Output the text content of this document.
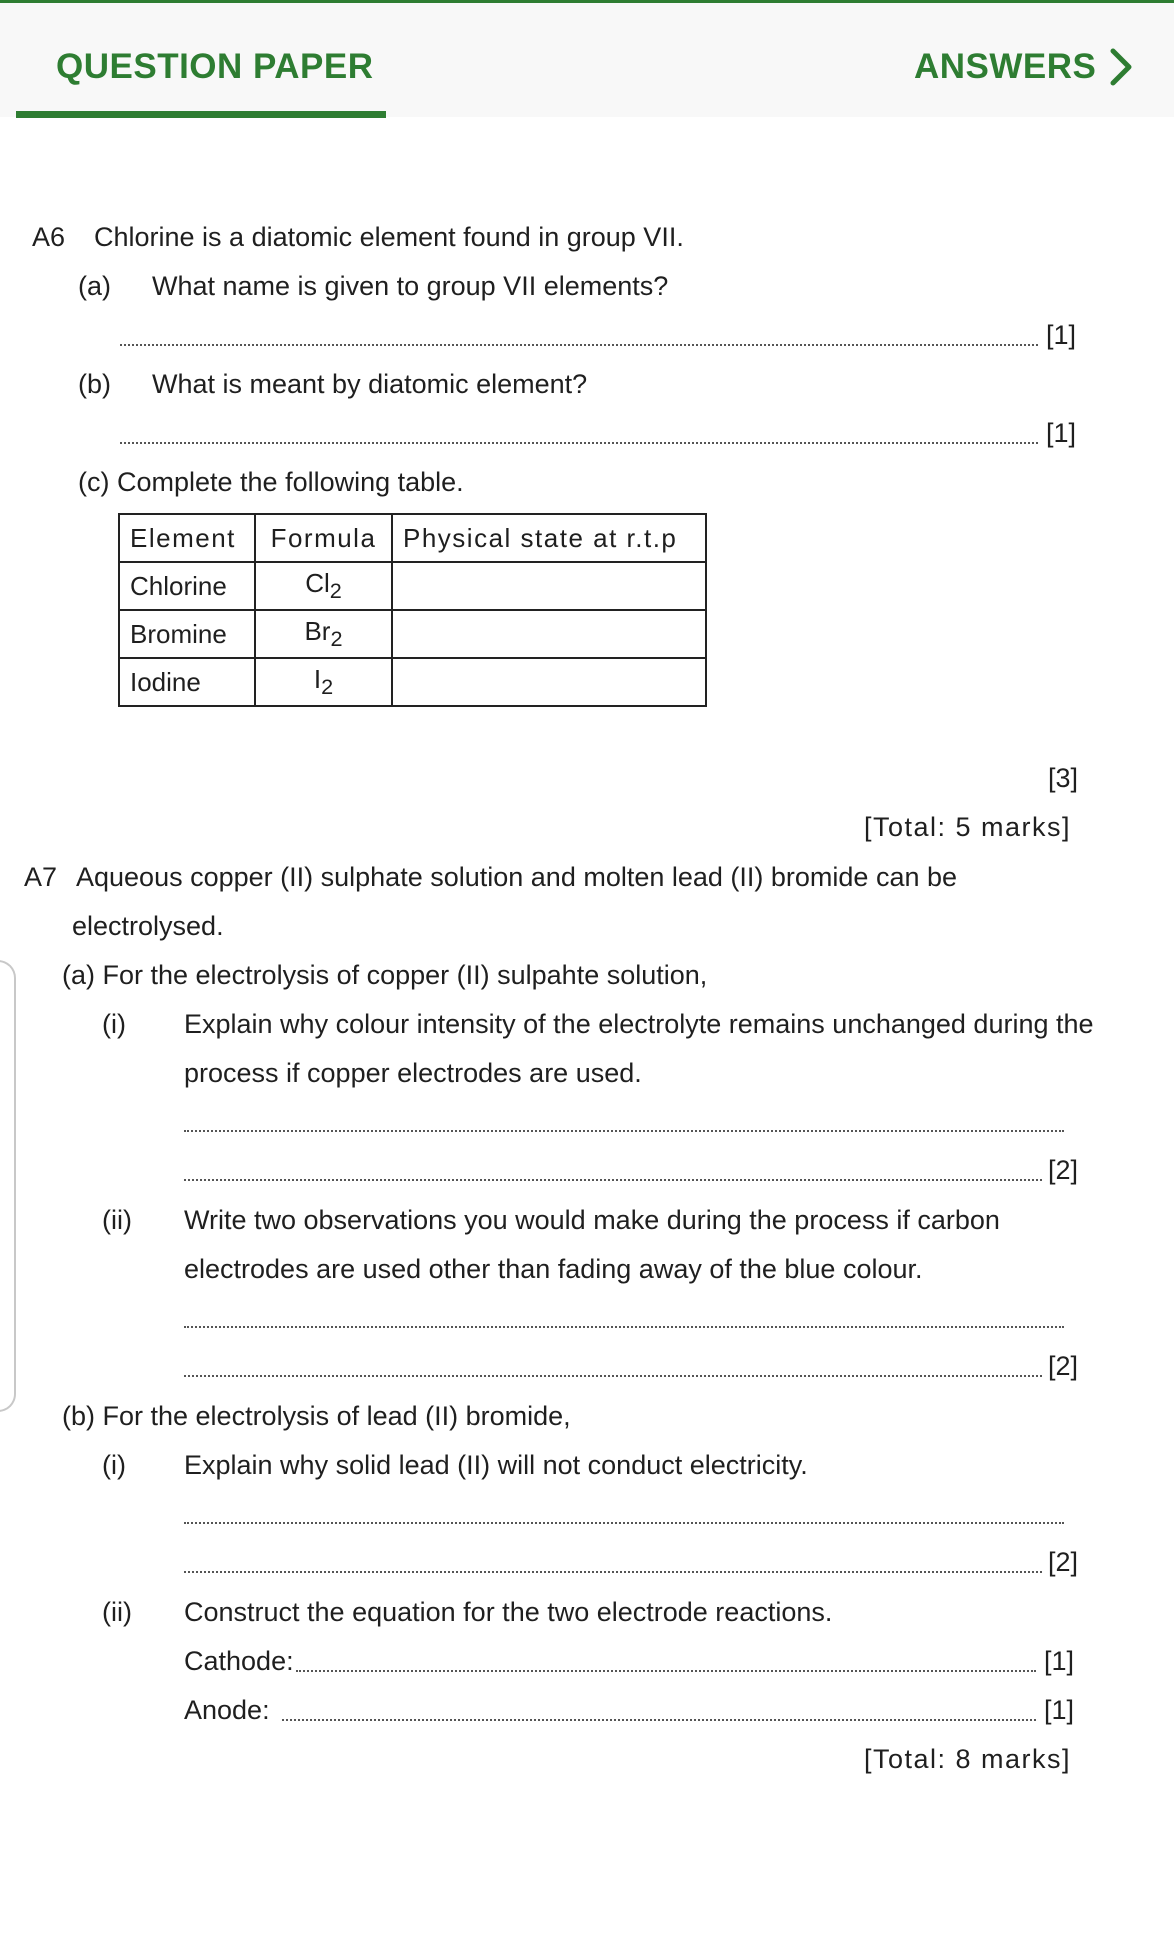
QUESTION PAPER	ANSWERS
A6 Chlorine is a diatomic element found in group VII.
(a) What name is given to group VII elements?
[1]
(b) What is meant by diatomic element?
[1]
(c) Complete the following table.
Element	Formula	Physical state at r.t.p
Chlorine	$Cl_2$	
Bromine	$Br_2$	
Iodine	$I_2$	
[3]
[Total: 5 marks]
A7 Aqueous copper (II) sulphate solution and molten lead (II) bromide can be
electrolysed.
(a) For the electrolysis of copper (II) sulpahte solution,
(i) Explain why colour intensity of the electrolyte remains unchanged during the
process if copper electrodes are used.
[2]
(ii) Write two observations you would make during the process if carbon
electrodes are used other than fading away of the blue colour.
[2]
(b) For the electrolysis of lead (II) bromide,
(i) Explain why solid lead (II) will not conduct electricity.
[2]
(ii) Construct the equation for the two electrode reactions.
Cathode:	[1]
Anode:	[1]
[Total: 8 marks]
